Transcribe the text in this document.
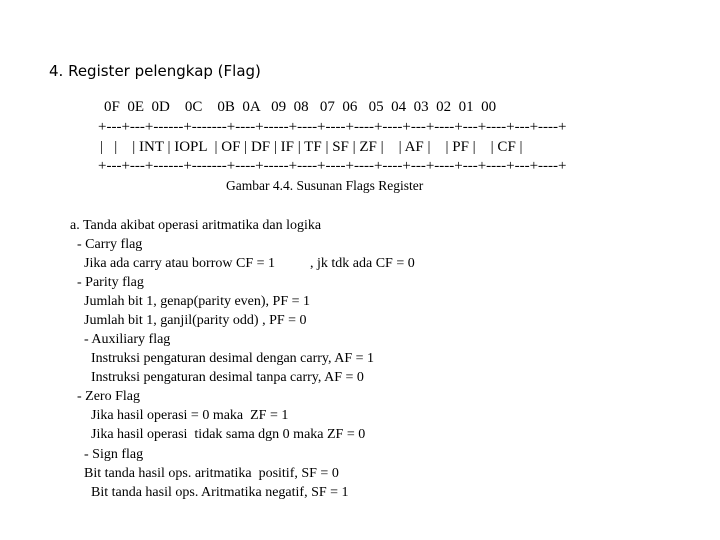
4. Register pelengkap (Flag)
0F  0E  0D    0C    0B  0A   09  08   07  06   05  04  03  02  01  00
+---+---+------+-------+----+-----+----+----+----+----+---+----+---+----+---+----+
|   |    | INT | IOPL  | OF | DF | IF | TF | SF | ZF |    | AF |    | PF |    | CF |
+---+---+------+-------+----+-----+----+----+----+----+---+----+---+----+---+----+
Gambar 4.4. Susunan Flags Register
a. Tanda akibat operasi aritmatika dan logika
- Carry flag
Jika ada carry atau borrow CF = 1          , jk tdk ada CF = 0
- Parity flag
Jumlah bit 1, genap(parity even), PF = 1
Jumlah bit 1, ganjil(parity odd) , PF = 0
- Auxiliary flag
Instruksi pengaturan desimal dengan carry, AF = 1
Instruksi pengaturan desimal tanpa carry, AF = 0
- Zero Flag
Jika hasil operasi = 0 maka  ZF = 1
Jika hasil operasi  tidak sama dgn 0 maka ZF = 0
- Sign flag
Bit tanda hasil ops. aritmatika  positif, SF = 0
Bit tanda hasil ops. Aritmatika negatif, SF = 1
